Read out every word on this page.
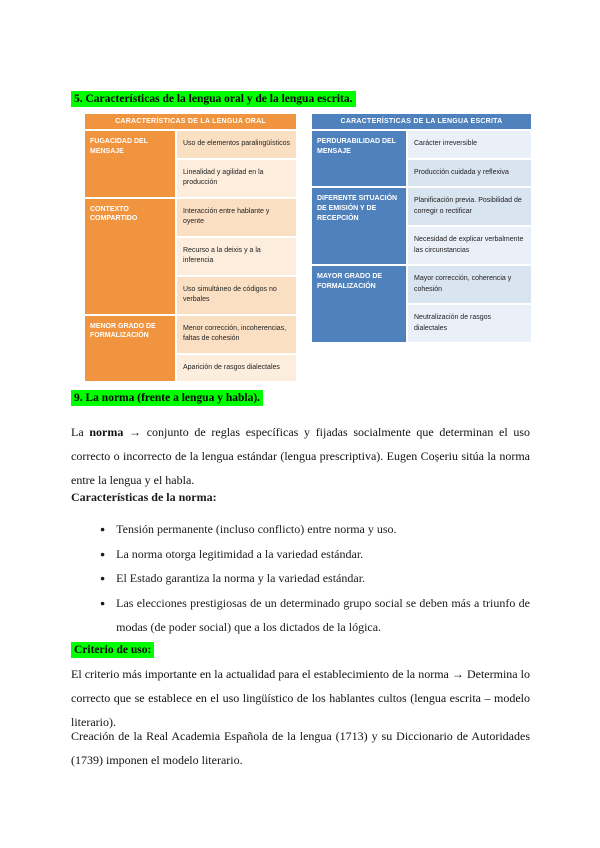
5. Características de la lengua oral y de la lengua escrita.
CARACTERÍSTICAS DE LA LENGUA ORAL
FUGACIDAD DEL MENSAJE
Uso de elementos paralingüísticos
Linealidad y agilidad en la producción
CONTEXTO COMPARTIDO
Interacción entre hablante y oyente
Recurso a la deixis y a la inferencia
Uso simultáneo de códigos no verbales
MENOR GRADO DE FORMALIZACIÓN
Menor corrección, incoherencias, faltas de cohesión
Aparición de rasgos dialectales
CARACTERÍSTICAS DE LA LENGUA ESCRITA
PERDURABILIDAD DEL MENSAJE
Carácter irreversible
Producción cuidada y reflexiva
DIFERENTE SITUACIÓN DE EMISIÓN Y DE RECEPCIÓN
Planificación previa. Posibilidad de corregir o rectificar
Necesidad de explicar verbalmente las circunstancias
MAYOR GRADO DE FORMALIZACIÓN
Mayor corrección, coherencia y cohesión
Neutralización de rasgos dialectales
9. La norma (frente a lengua y habla).

La norma → conjunto de reglas específicas y fijadas socialmente que determinan el uso correcto o incorrecto de la lengua estándar (lengua prescriptiva). Eugen Coșeriu sitúa la norma entre la lengua y el habla.

Características de la norma:
● Tensión permanente (incluso conflicto) entre norma y uso.
● La norma otorga legitimidad a la variedad estándar.
● El Estado garantiza la norma y la variedad estándar.
● Las elecciones prestigiosas de un determinado grupo social se deben más a triunfo de modas (de poder social) que a los dictados de la lógica.
Criterio de uso:

El criterio más importante en la actualidad para el establecimiento de la norma → Determina lo correcto que se establece en el uso lingüístico de los hablantes cultos (lengua escrita – modelo literario).

Creación de la Real Academia Española de la lengua (1713) y su Diccionario de Autoridades (1739) imponen el modelo literario.
